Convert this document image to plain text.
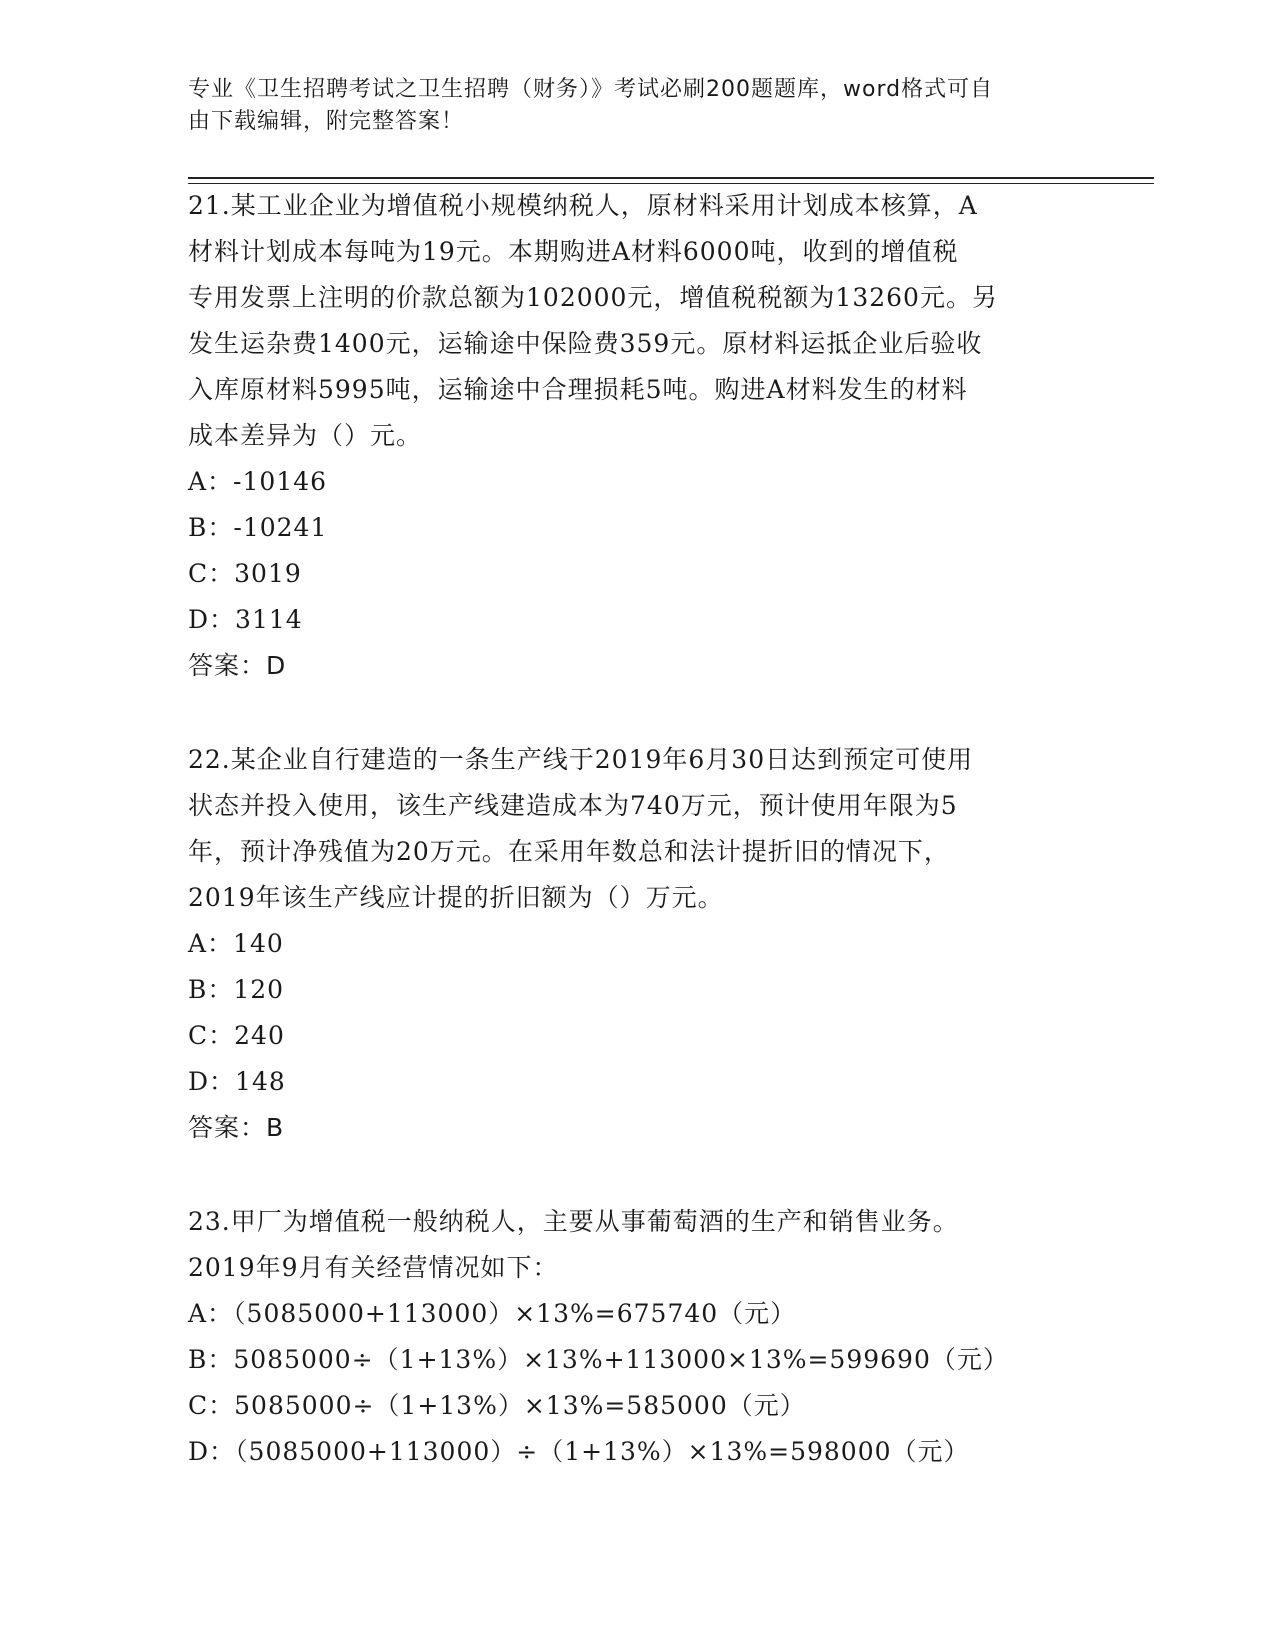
专业《卫生招聘考试之卫生招聘（财务）》考试必刷200题题库，word格式可自
由下载编辑，附完整答案！
21.某工业企业为增值税小规模纳税人，原材料采用计划成本核算，A
材料计划成本每吨为19元。本期购进A材料6000吨，收到的增值税
专用发票上注明的价款总额为102000元，增值税税额为13260元。另
发生运杂费1400元，运输途中保险费359元。原材料运抵企业后验收
入库原材料5995吨，运输途中合理损耗5吨。购进A材料发生的材料
成本差异为（）元。
A：-10146
B：-10241
C：3019
D：3114
答案：D
22.某企业自行建造的一条生产线于2019年6月30日达到预定可使用
状态并投入使用，该生产线建造成本为740万元，预计使用年限为5
年，预计净残值为20万元。在采用年数总和法计提折旧的情况下，
2019年该生产线应计提的折旧额为（）万元。
A：140
B：120
C：240
D：148
答案：B
23.甲厂为增值税一般纳税人，主要从事葡萄酒的生产和销售业务。
2019年9月有关经营情况如下：
A：（5085000+113000）×13%=675740（元）
B：5085000÷（1+13%）×13%+113000×13%=599690（元）
C：5085000÷（1+13%）×13%=585000（元）
D：（5085000+113000）÷（1+13%）×13%=598000（元）
